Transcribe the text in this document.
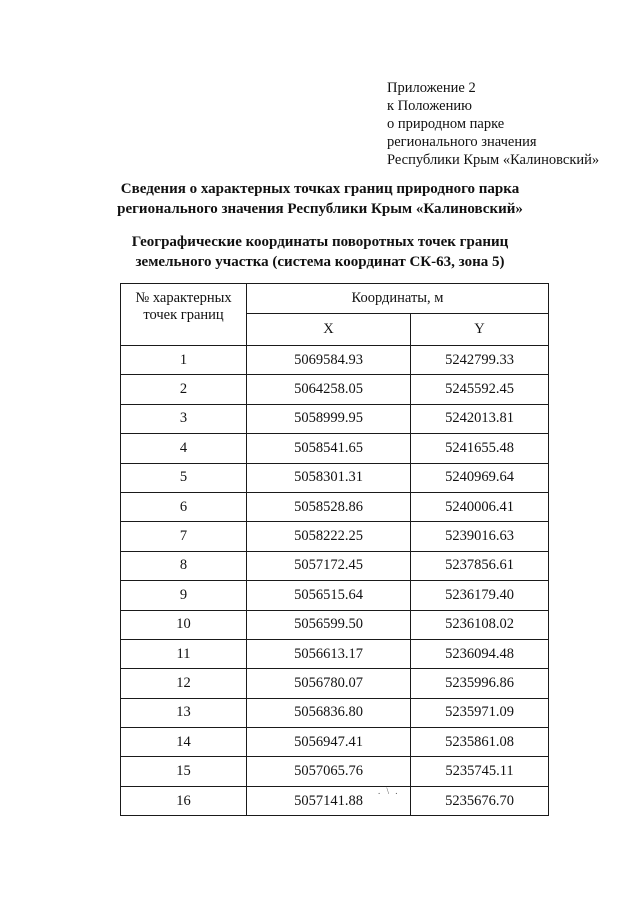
Приложение 2
к Положению
о природном парке
регионального значения
Республики Крым «Калиновский»
Сведения о характерных точках границ природного парка
регионального значения Республики Крым «Калиновский»
Географические координаты поворотных точек границ
земельного участка (система координат СК-63, зона 5)
№ характерных
точек границ	Координаты, м	
	X	Y
1	5069584.93	5242799.33
2	5064258.05	5245592.45
3	5058999.95	5242013.81
4	5058541.65	5241655.48
5	5058301.31	5240969.64
6	5058528.86	5240006.41
7	5058222.25	5239016.63
8	5057172.45	5237856.61
9	5056515.64	5236179.40
10	5056599.50	5236108.02
11	5056613.17	5236094.48
12	5056780.07	5235996.86
13	5056836.80	5235971.09
14	5056947.41	5235861.08
15	5057065.76	5235745.11
16	5057141.88	5235676.70
. \ .
